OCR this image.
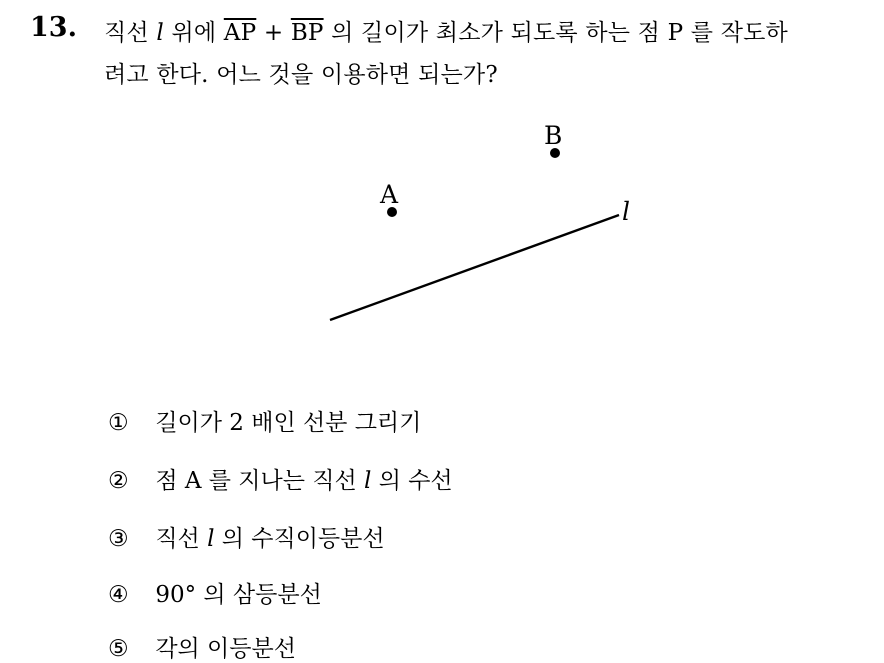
13. 직선 l 위에 $\overline{AP} + \overline{BP}$ 의 길이가 최소가 되도록 하는 점 P 를 작도하
려고 한다. 어느 것을 이용하면 되는가?
A
B
l
① 길이가 2 배인 선분 그리기
② 점 A 를 지나는 직선 l 의 수선
③ 직선 l 의 수직이등분선
④ 90° 의 삼등분선
⑤ 각의 이등분선
